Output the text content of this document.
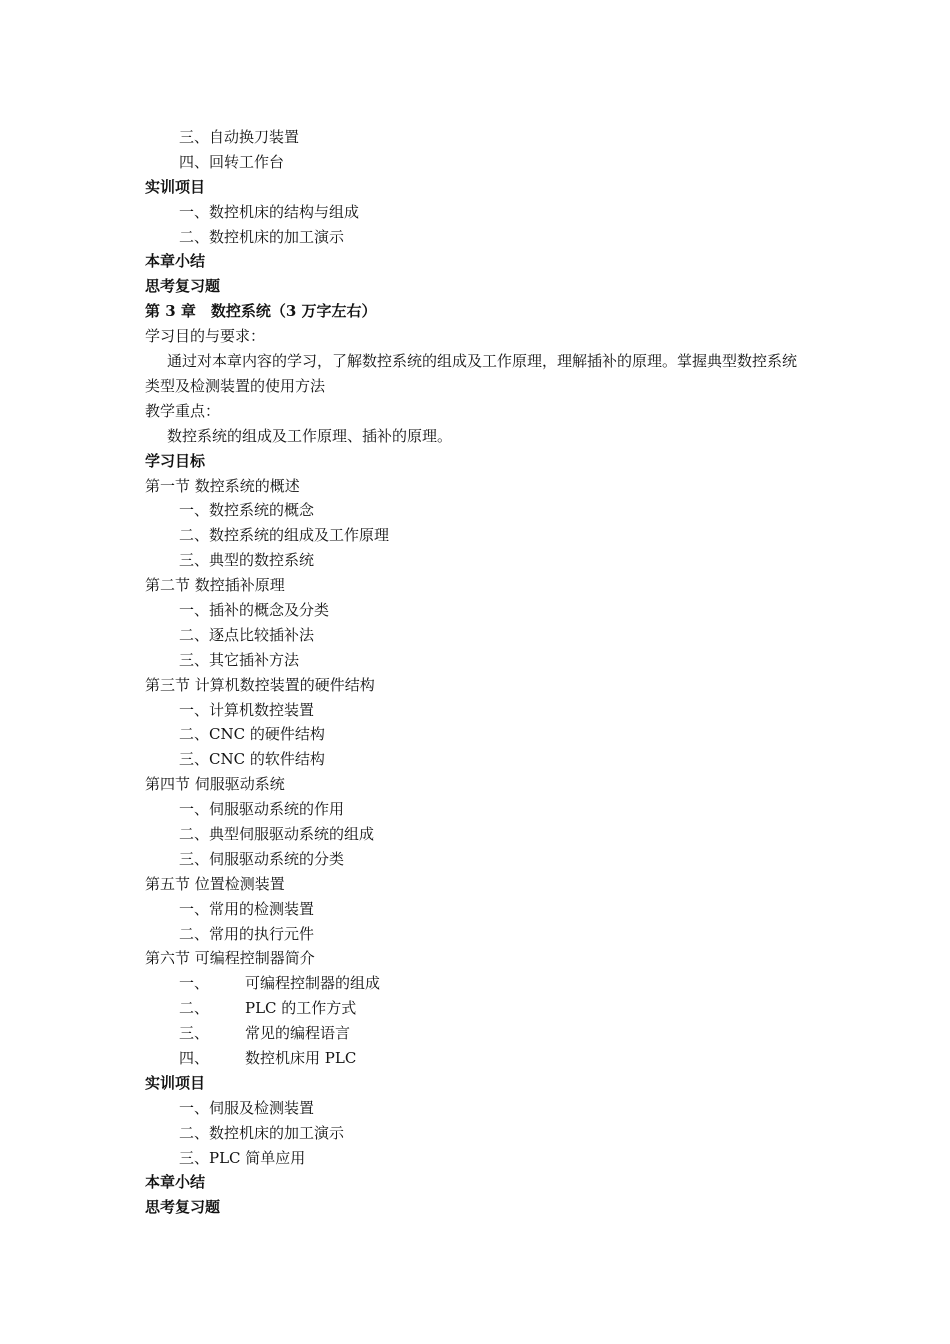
三、自动换刀装置
四、回转工作台
实训项目
一、数控机床的结构与组成
二、数控机床的加工演示
本章小结
思考复习题
第 3 章　数控系统（3 万字左右）
学习目的与要求：
通过对本章内容的学习，了解数控系统的组成及工作原理，理解插补的原理。掌握典型数控系统类型及检测装置的使用方法
教学重点：
数控系统的组成及工作原理、插补的原理。
学习目标
第一节 数控系统的概述
一、数控系统的概念
二、数控系统的组成及工作原理
三、典型的数控系统
第二节 数控插补原理
一、插补的概念及分类
二、逐点比较插补法
三、其它插补方法
第三节 计算机数控装置的硬件结构
一、计算机数控装置
二、CNC 的硬件结构
三、CNC 的软件结构
第四节 伺服驱动系统
一、伺服驱动系统的作用
二、典型伺服驱动系统的组成
三、伺服驱动系统的分类
第五节 位置检测装置
一、常用的检测装置
二、常用的执行元件
第六节 可编程控制器简介
一、 可编程控制器的组成
二、 PLC 的工作方式
三、 常见的编程语言
四、 数控机床用 PLC
实训项目
一、伺服及检测装置
二、数控机床的加工演示
三、PLC 简单应用
本章小结
思考复习题
